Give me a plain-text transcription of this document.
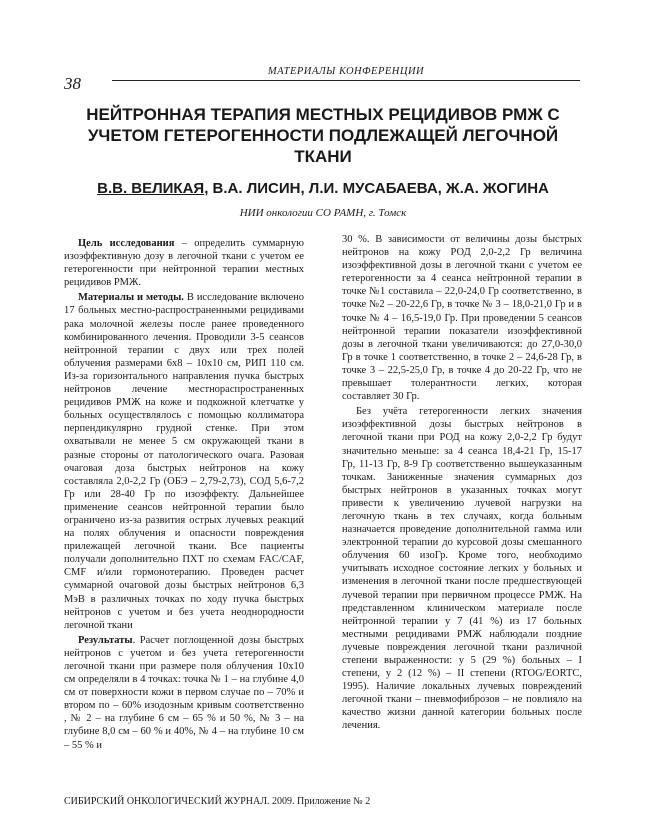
МАТЕРИАЛЫ КОНФЕРЕНЦИИ
38
НЕЙТРОННАЯ ТЕРАПИЯ МЕСТНЫХ РЕЦИДИВОВ РМЖ С УЧЕТОМ ГЕТЕРОГЕННОСТИ ПОДЛЕЖАЩЕЙ ЛЕГОЧНОЙ ТКАНИ
В.В. ВЕЛИКАЯ, В.А. ЛИСИН, Л.И. МУСАБАЕВА, Ж.А. ЖОГИНА
НИИ онкологии СО РАМН, г. Томск

Цель исследования – определить суммарную изоэффективную дозу в легочной ткани с учетом ее гетерогенности при нейтронной терапии местных рецидивов РМЖ.

Материалы и методы. В исследование включено 17 больных местно-распространенными рецидивами рака молочной железы после ранее проведенного комбинированного лечения. Проводили 3-5 сеансов нейтронной терапии с двух или трех полей облучения размерами 6x8 – 10x10 см, РИП 110 см. Из-за горизонтального направления пучка быстрых нейтронов лечение местнораспространенных рецидивов РМЖ на коже и подкожной клетчатке у больных осуществлялось с помощью коллиматора перпендикулярно грудной стенке. При этом охватывали не менее 5 см окружающей ткани в разные стороны от патологического очага. Разовая очаговая доза быстрых нейтронов на кожу составляла 2,0-2,2 Гр (ОБЭ – 2,79-2,73), СОД 5,6-7,2 Гр или 28-40 Гр по изоэффекту. Дальнейшее применение сеансов нейтронной терапии было ограничено из-за развития острых лучевых реакций на полях облучения и опасности повреждения прилежащей легочной ткани. Все пациенты получали дополнительно ПХТ по схемам FAC/CAF, CMF и/или гормонотерапию. Проведен расчет суммарной очаговой дозы быстрых нейтронов 6,3 МэВ в различных точках по ходу пучка быстрых нейтронов с учетом и без учета неоднородности легочной ткани

Результаты. Расчет поглощенной дозы быстрых нейтронов с учетом и без учета гетерогенности легочной ткани при размере поля облучения 10x10 см определяли в 4 точках: точка № 1 – на глубине 4,0 см от поверхности кожи в первом случае по – 70% и втором по – 60% изодозным кривым соответственно , № 2 – на глубине 6 см – 65 % и 50 %, № 3 – на глубине 8,0 см – 60 % и 40%, № 4 – на глубине 10 см – 55 % и

30 %. В зависимости от величины дозы быстрых нейтронов на кожу РОД 2,0-2,2 Гр величина изоэффективной дозы в легочной ткани с учетом ее гетерогенности за 4 сеанса нейтронной терапии в точке №1 составила – 22,0-24,0 Гр соответственно, в точке №2 – 20-22,6 Гр, в точке № 3 – 18,0-21,0 Гр и в точке № 4 – 16,5-19,0 Гр. При проведении 5 сеансов нейтронной терапии показатели изоэффективной дозы в легочной ткани увеличиваются: до 27,0-30,0 Гр в точке 1 соответственно, в точке 2 – 24,6-28 Гр, в точке 3 – 22,5-25,0 Гр, в точке 4 до 20-22 Гр, что не превышает толерантности легких, которая составляет 30 Гр.

Без учёта гетерогенности легких значения изоэффективной дозы быстрых нейтронов в легочной ткани при РОД на кожу 2,0-2,2 Гр будут значительно меньше: за 4 сеанса 18,4-21 Гр, 15-17 Гр, 11-13 Гр, 8-9 Гр соответственно вышеуказанным точкам. Заниженные значения суммарных доз быстрых нейтронов в указанных точках могут привести к увеличению лучевой нагрузки на легочную ткань в тех случаях, когда больным назначается проведение дополнительной гамма или электронной терапии до курсовой дозы смешанного облучения 60 изоГр. Кроме того, необходимо учитывать исходное состояние легких у больных и изменения в легочной ткани после предшествующей лучевой терапии при первичном процессе РМЖ. На представленном клиническом материале после нейтронной терапии у 7 (41 %) из 17 больных местными рецидивами РМЖ наблюдали поздние лучевые повреждения легочной ткани различной степени выраженности: у 5 (29 %) больных – I степени, у 2 (12 %) – II степени (RTOG/EORTC, 1995). Наличие локальных лучевых повреждений легочной ткани – пневмофиброзов – не повлияло на качество жизни данной категории больных после лечения.

СИБИРСКИЙ ОНКОЛОГИЧЕСКИЙ ЖУРНАЛ. 2009. Приложение № 2
